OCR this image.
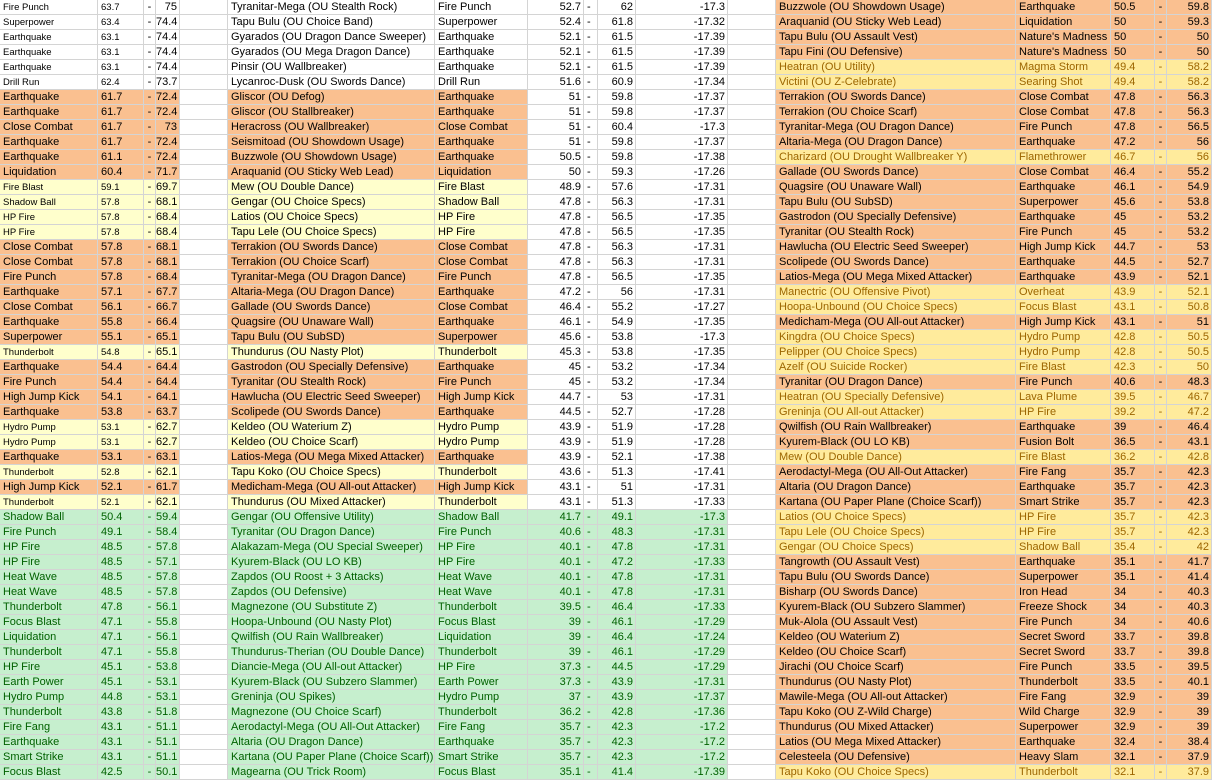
Fire Punch	63.7	-	75	Tyranitar-Mega (OU Stealth Rock)	Fire Punch	52.7 -	62	-17.3	Buzzwole (OU Showdown Usage)	Earthquake	50.5	-	59.8
Superpower	63.4	- 74.4	Tapu Bulu (OU Choice Band)	Superpower	52.4 -	61.8	-17.32	Araquanid (OU Sticky Web Lead)	Liquidation	50	-	59.3
Earthquake	63.1	- 74.4	Gyarados (OU Dragon Dance Sweeper)	Earthquake	52.1 -	61.5	-17.39	Tapu Bulu (OU Assault Vest)	Nature's Madness 50	-	50
Earthquake	63.1	- 74.4	Gyarados (OU Mega Dragon Dance)	Earthquake	52.1 -	61.5	-17.39	Tapu Fini (OU Defensive)	Nature's Madness 50	-	50
Earthquake	63.1	- 74.4	Pinsir (OU Wallbreaker)	Earthquake	52.1 -	61.5	-17.39	Heatran (OU Utility)	Magma Storm	49.4	-	58.2
Drill Run	62.4	- 73.7	Lycanroc-Dusk (OU Swords Dance)	Drill Run	51.6 -	60.9	-17.34	Victini (OU Z-Celebrate)	Searing Shot	49.4	-	58.2
Earthquake	61.7	- 72.4	Gliscor (OU Defog)	Earthquake	51 -	59.8	-17.37	Terrakion (OU Swords Dance)	Close Combat	47.8	-	56.3
Earthquake	61.7	- 72.4	Gliscor (OU Stallbreaker)	Earthquake	51 -	59.8	-17.37	Terrakion (OU Choice Scarf)	Close Combat	47.8	-	56.3
Close Combat	61.7	-	73	Heracross (OU Wallbreaker)	Close Combat	51 -	60.4	-17.3	Tyranitar-Mega (OU Dragon Dance)	Fire Punch	47.8	-	56.5
Earthquake	61.7	- 72.4	Seismitoad (OU Showdown Usage)	Earthquake	51 -	59.8	-17.37	Altaria-Mega (OU Dragon Dance)	Earthquake	47.2	-	56
Earthquake	61.1	- 72.4	Buzzwole (OU Showdown Usage)	Earthquake	50.5 -	59.8	-17.38	Charizard (OU Drought Wallbreaker Y)	Flamethrower	46.7	-	56
Liquidation	60.4	- 71.7	Araquanid (OU Sticky Web Lead)	Liquidation	50 -	59.3	-17.26	Gallade (OU Swords Dance)	Close Combat	46.4	-	55.2
Fire Blast	59.1	- 69.7	Mew (OU Double Dance)	Fire Blast	48.9 -	57.6	-17.31	Quagsire (OU Unaware Wall)	Earthquake	46.1	-	54.9
Shadow Ball	57.8	- 68.1	Gengar (OU Choice Specs)	Shadow Ball	47.8 -	56.3	-17.31	Tapu Bulu (OU SubSD)	Superpower	45.6	-	53.8
HP Fire	57.8	- 68.4	Latios (OU Choice Specs)	HP Fire	47.8 -	56.5	-17.35	Gastrodon (OU Specially Defensive)	Earthquake	45	-	53.2
HP Fire	57.8	- 68.4	Tapu Lele (OU Choice Specs)	HP Fire	47.8 -	56.5	-17.35	Tyranitar (OU Stealth Rock)	Fire Punch	45	-	53.2
Close Combat	57.8	- 68.1	Terrakion (OU Swords Dance)	Close Combat	47.8 -	56.3	-17.31	Hawlucha (OU Electric Seed Sweeper)	High Jump Kick	44.7	-	53
Close Combat	57.8	- 68.1	Terrakion (OU Choice Scarf)	Close Combat	47.8 -	56.3	-17.31	Scolipede (OU Swords Dance)	Earthquake	44.5	-	52.7
Fire Punch	57.8	- 68.4	Tyranitar-Mega (OU Dragon Dance)	Fire Punch	47.8 -	56.5	-17.35	Latios-Mega (OU Mega Mixed Attacker)	Earthquake	43.9	-	52.1
Earthquake	57.1	- 67.7	Altaria-Mega (OU Dragon Dance)	Earthquake	47.2 -	56	-17.31	Manectric (OU Offensive Pivot)	Overheat	43.9	-	52.1
Close Combat	56.1	- 66.7	Gallade (OU Swords Dance)	Close Combat	46.4 -	55.2	-17.27	Hoopa-Unbound (OU Choice Specs)	Focus Blast	43.1	-	50.8
Earthquake	55.8	- 66.4	Quagsire (OU Unaware Wall)	Earthquake	46.1 -	54.9	-17.35	Medicham-Mega (OU All-out Attacker)	High Jump Kick	43.1	-	51
Superpower	55.1	- 65.1	Tapu Bulu (OU SubSD)	Superpower	45.6 -	53.8	-17.3	Kingdra (OU Choice Specs)	Hydro Pump	42.8	-	50.5
Thunderbolt	54.8	- 65.1	Thundurus (OU Nasty Plot)	Thunderbolt	45.3 -	53.8	-17.35	Pelipper (OU Choice Specs)	Hydro Pump	42.8	-	50.5
Earthquake	54.4	- 64.4	Gastrodon (OU Specially Defensive)	Earthquake	45 -	53.2	-17.34	Azelf (OU Suicide Rocker)	Fire Blast	42.3	-	50
Fire Punch	54.4	- 64.4	Tyranitar (OU Stealth Rock)	Fire Punch	45 -	53.2	-17.34	Tyranitar (OU Dragon Dance)	Fire Punch	40.6	-	48.3
High Jump Kick	54.1	- 64.1	Hawlucha (OU Electric Seed Sweeper)	High Jump Kick	44.7 -	53	-17.31	Heatran (OU Specially Defensive)	Lava Plume	39.5	-	46.7
Earthquake	53.8	- 63.7	Scolipede (OU Swords Dance)	Earthquake	44.5 -	52.7	-17.28	Greninja (OU All-out Attacker)	HP Fire	39.2	-	47.2
Hydro Pump	53.1	- 62.7	Keldeo (OU Waterium Z)	Hydro Pump	43.9 -	51.9	-17.28	Qwilfish (OU Rain Wallbreaker)	Earthquake	39	-	46.4
Hydro Pump	53.1	- 62.7	Keldeo (OU Choice Scarf)	Hydro Pump	43.9 -	51.9	-17.28	Kyurem-Black (OU LO KB)	Fusion Bolt	36.5	-	43.1
Earthquake	53.1	- 63.1	Latios-Mega (OU Mega Mixed Attacker)	Earthquake	43.9 -	52.1	-17.38	Mew (OU Double Dance)	Fire Blast	36.2	-	42.8
Thunderbolt	52.8	- 62.1	Tapu Koko (OU Choice Specs)	Thunderbolt	43.6 -	51.3	-17.41	Aerodactyl-Mega (OU All-Out Attacker)	Fire Fang	35.7	-	42.3
High Jump Kick	52.1	- 61.7	Medicham-Mega (OU All-out Attacker)	High Jump Kick	43.1 -	51	-17.31	Altaria (OU Dragon Dance)	Earthquake	35.7	-	42.3
Thunderbolt	52.1	- 62.1	Thundurus (OU Mixed Attacker)	Thunderbolt	43.1 -	51.3	-17.33	Kartana (OU Paper Plane (Choice Scarf))	Smart Strike	35.7	-	42.3
Shadow Ball	50.4	- 59.4	Gengar (OU Offensive Utility)	Shadow Ball	41.7 -	49.1	-17.3	Latios (OU Choice Specs)	HP Fire	35.7	-	42.3
Fire Punch	49.1	- 58.4	Tyranitar (OU Dragon Dance)	Fire Punch	40.6 -	48.3	-17.31	Tapu Lele (OU Choice Specs)	HP Fire	35.7	-	42.3
HP Fire	48.5	- 57.8	Alakazam-Mega (OU Special Sweeper)	HP Fire	40.1 -	47.8	-17.31	Gengar (OU Choice Specs)	Shadow Ball	35.4	-	42
HP Fire	48.5	- 57.1	Kyurem-Black (OU LO KB)	HP Fire	40.1 -	47.2	-17.33	Tangrowth (OU Assault Vest)	Earthquake	35.1	-	41.7
Heat Wave	48.5	- 57.8	Zapdos (OU Roost + 3 Attacks)	Heat Wave	40.1 -	47.8	-17.31	Tapu Bulu (OU Swords Dance)	Superpower	35.1	-	41.4
Heat Wave	48.5	- 57.8	Zapdos (OU Defensive)	Heat Wave	40.1 -	47.8	-17.31	Bisharp (OU Swords Dance)	Iron Head	34	-	40.3
Thunderbolt	47.8	- 56.1	Magnezone (OU Substitute Z)	Thunderbolt	39.5 -	46.4	-17.33	Kyurem-Black (OU Subzero Slammer)	Freeze Shock	34	-	40.3
Focus Blast	47.1	- 55.8	Hoopa-Unbound (OU Nasty Plot)	Focus Blast	39 -	46.1	-17.29	Muk-Alola (OU Assault Vest)	Fire Punch	34	-	40.6
Liquidation	47.1	- 56.1	Qwilfish (OU Rain Wallbreaker)	Liquidation	39 -	46.4	-17.24	Keldeo (OU Waterium Z)	Secret Sword	33.7	-	39.8
Thunderbolt	47.1	- 55.8	Thundurus-Therian (OU Double Dance)	Thunderbolt	39 -	46.1	-17.29	Keldeo (OU Choice Scarf)	Secret Sword	33.7	-	39.8
HP Fire	45.1	- 53.8	Diancie-Mega (OU All-out Attacker)	HP Fire	37.3 -	44.5	-17.29	Jirachi (OU Choice Scarf)	Fire Punch	33.5	-	39.5
Earth Power	45.1	- 53.1	Kyurem-Black (OU Subzero Slammer)	Earth Power	37.3 -	43.9	-17.31	Thundurus (OU Nasty Plot)	Thunderbolt	33.5	-	40.1
Hydro Pump	44.8	- 53.1	Greninja (OU Spikes)	Hydro Pump	37 -	43.9	-17.37	Mawile-Mega (OU All-out Attacker)	Fire Fang	32.9	-	39
Thunderbolt	43.8	- 51.8	Magnezone (OU Choice Scarf)	Thunderbolt	36.2 -	42.8	-17.36	Tapu Koko (OU Z-Wild Charge)	Wild Charge	32.9	-	39
Fire Fang	43.1	- 51.1	Aerodactyl-Mega (OU All-Out Attacker)	Fire Fang	35.7 -	42.3	-17.2	Thundurus (OU Mixed Attacker)	Superpower	32.9	-	39
Earthquake	43.1	- 51.1	Altaria (OU Dragon Dance)	Earthquake	35.7 -	42.3	-17.2	Latios (OU Mega Mixed Attacker)	Earthquake	32.4	-	38.4
Smart Strike	43.1	- 51.1	Kartana (OU Paper Plane (Choice Scarf)) Smart Strike	35.7 -	42.3	-17.2	Celesteela (OU Defensive)	Heavy Slam	32.1	-	37.9
Focus Blast	42.5	- 50.1	Magearna (OU Trick Room)	Focus Blast	35.1 -	41.4	-17.39	Tapu Koko (OU Choice Specs)	Thunderbolt	32.1	-	37.9
